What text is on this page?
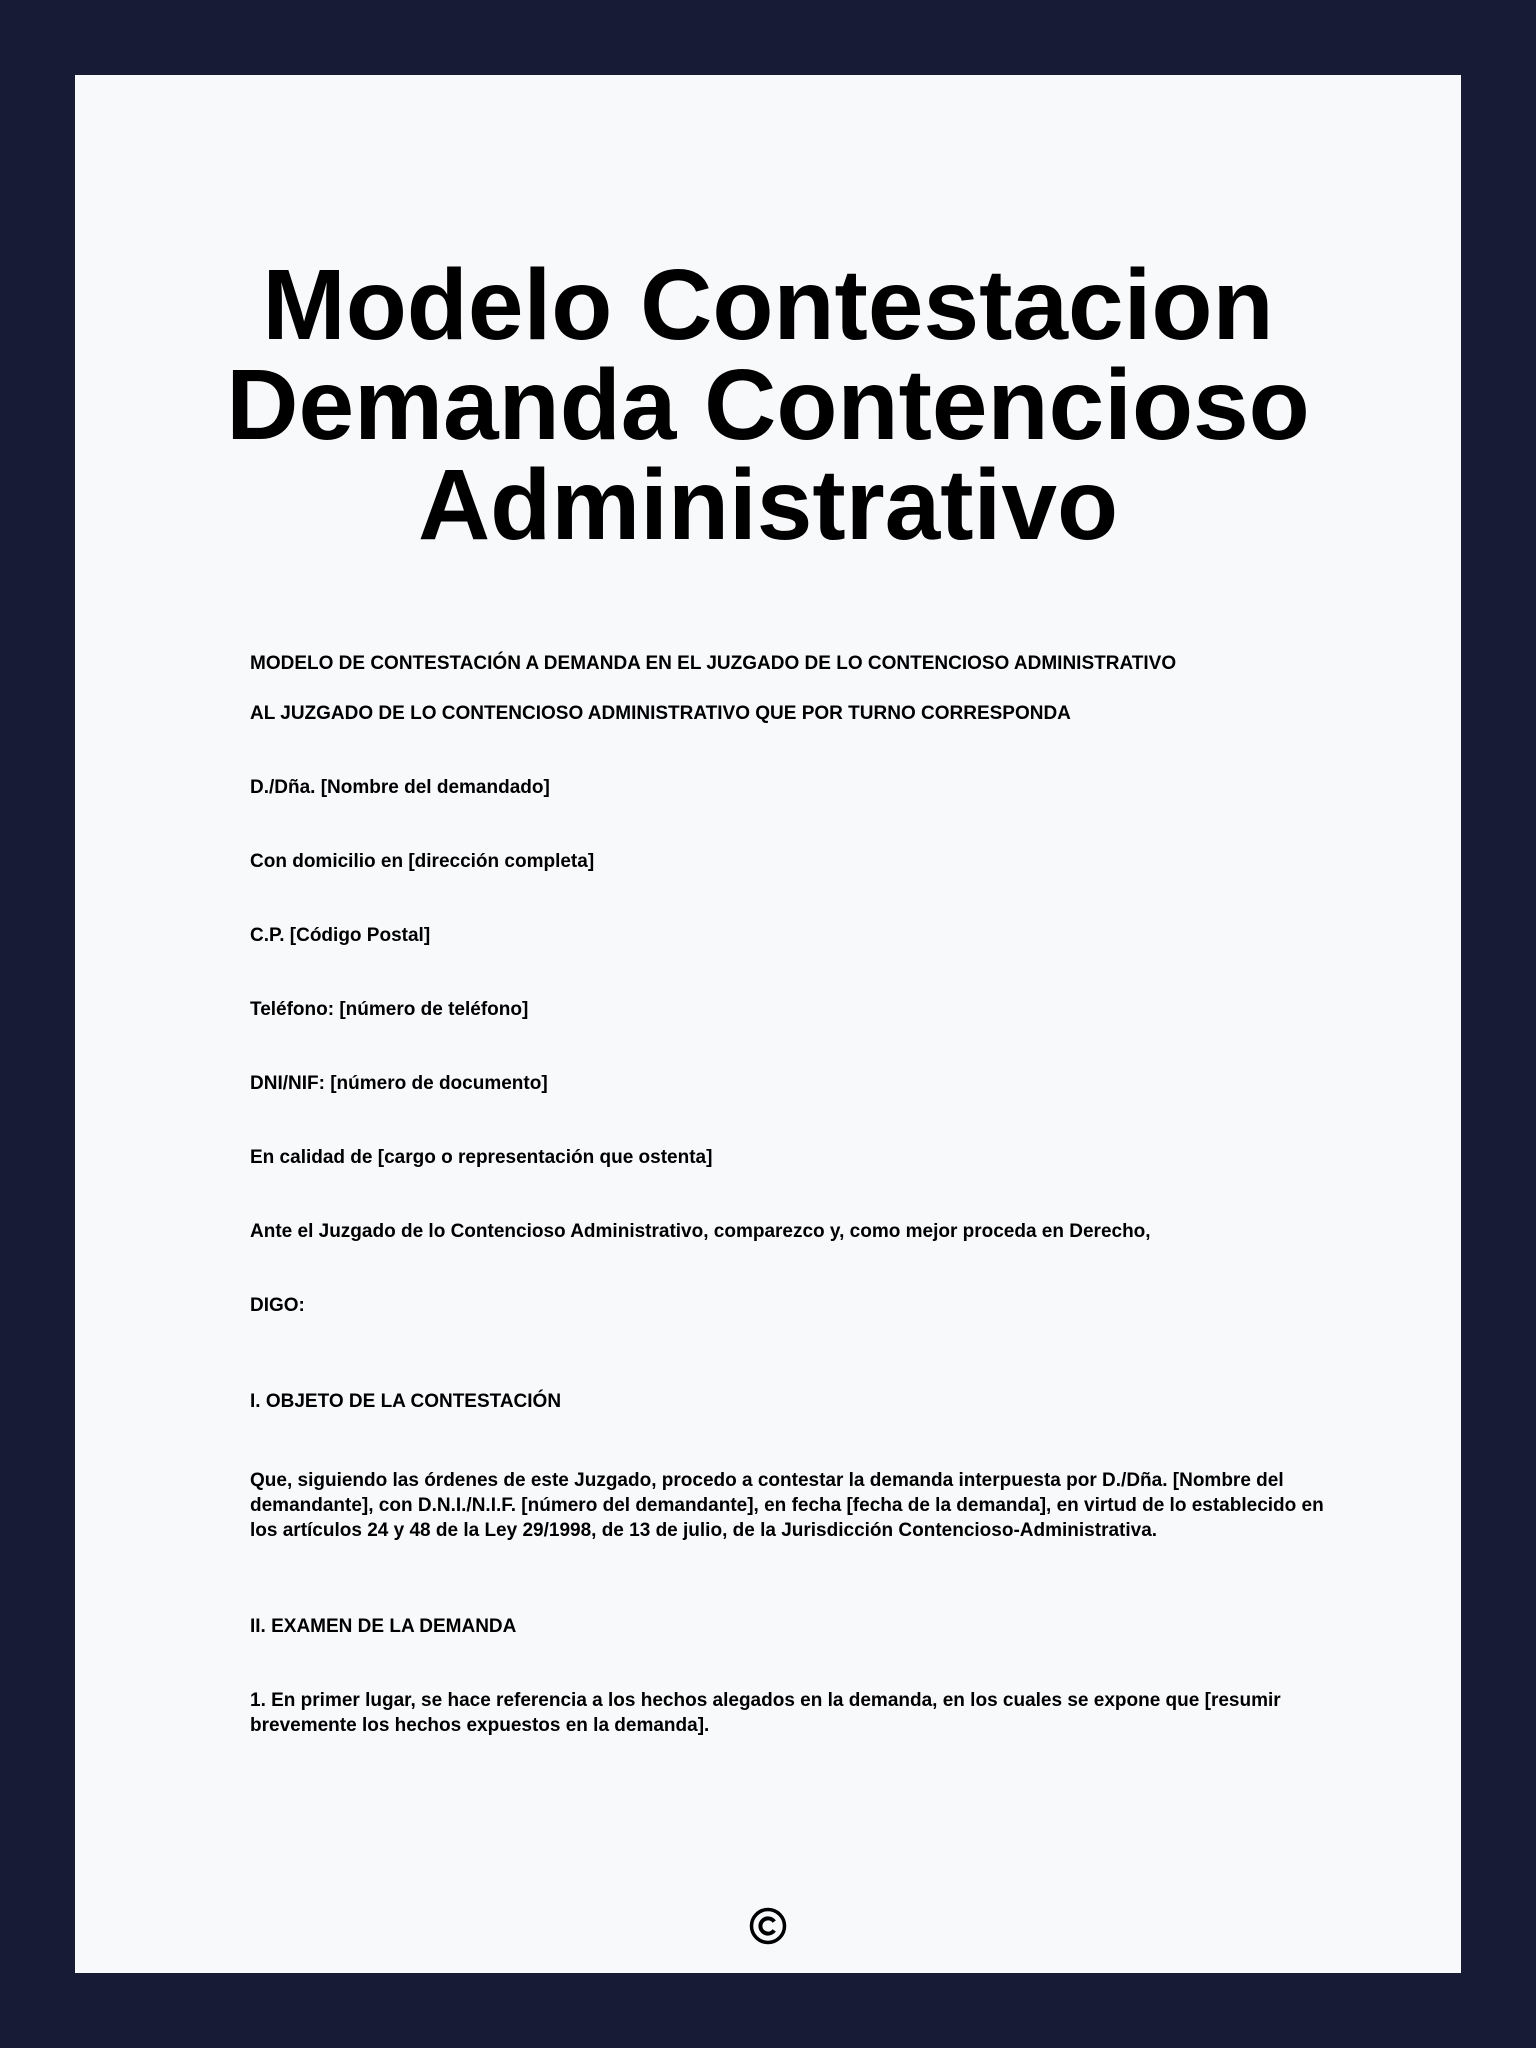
Modelo Contestacion
Demanda Contencioso
Administrativo

MODELO DE CONTESTACIÓN A DEMANDA EN EL JUZGADO DE LO CONTENCIOSO ADMINISTRATIVO

AL JUZGADO DE LO CONTENCIOSO ADMINISTRATIVO QUE POR TURNO CORRESPONDA

D./Dña. [Nombre del demandado]

Con domicilio en [dirección completa]

C.P. [Código Postal]

Teléfono: [número de teléfono]

DNI/NIF: [número de documento]

En calidad de [cargo o representación que ostenta]

Ante el Juzgado de lo Contencioso Administrativo, comparezco y, como mejor proceda en Derecho,

DIGO:

I. OBJETO DE LA CONTESTACIÓN

Que, siguiendo las órdenes de este Juzgado, procedo a contestar la demanda interpuesta por D./Dña. [Nombre del demandante], con D.N.I./N.I.F. [número del demandante], en fecha [fecha de la demanda], en virtud de lo establecido en los artículos 24 y 48 de la Ley 29/1998, de 13 de julio, de la Jurisdicción Contencioso-Administrativa.

II. EXAMEN DE LA DEMANDA

1. En primer lugar, se hace referencia a los hechos alegados en la demanda, en los cuales se expone que [resumir brevemente los hechos expuestos en la demanda].
